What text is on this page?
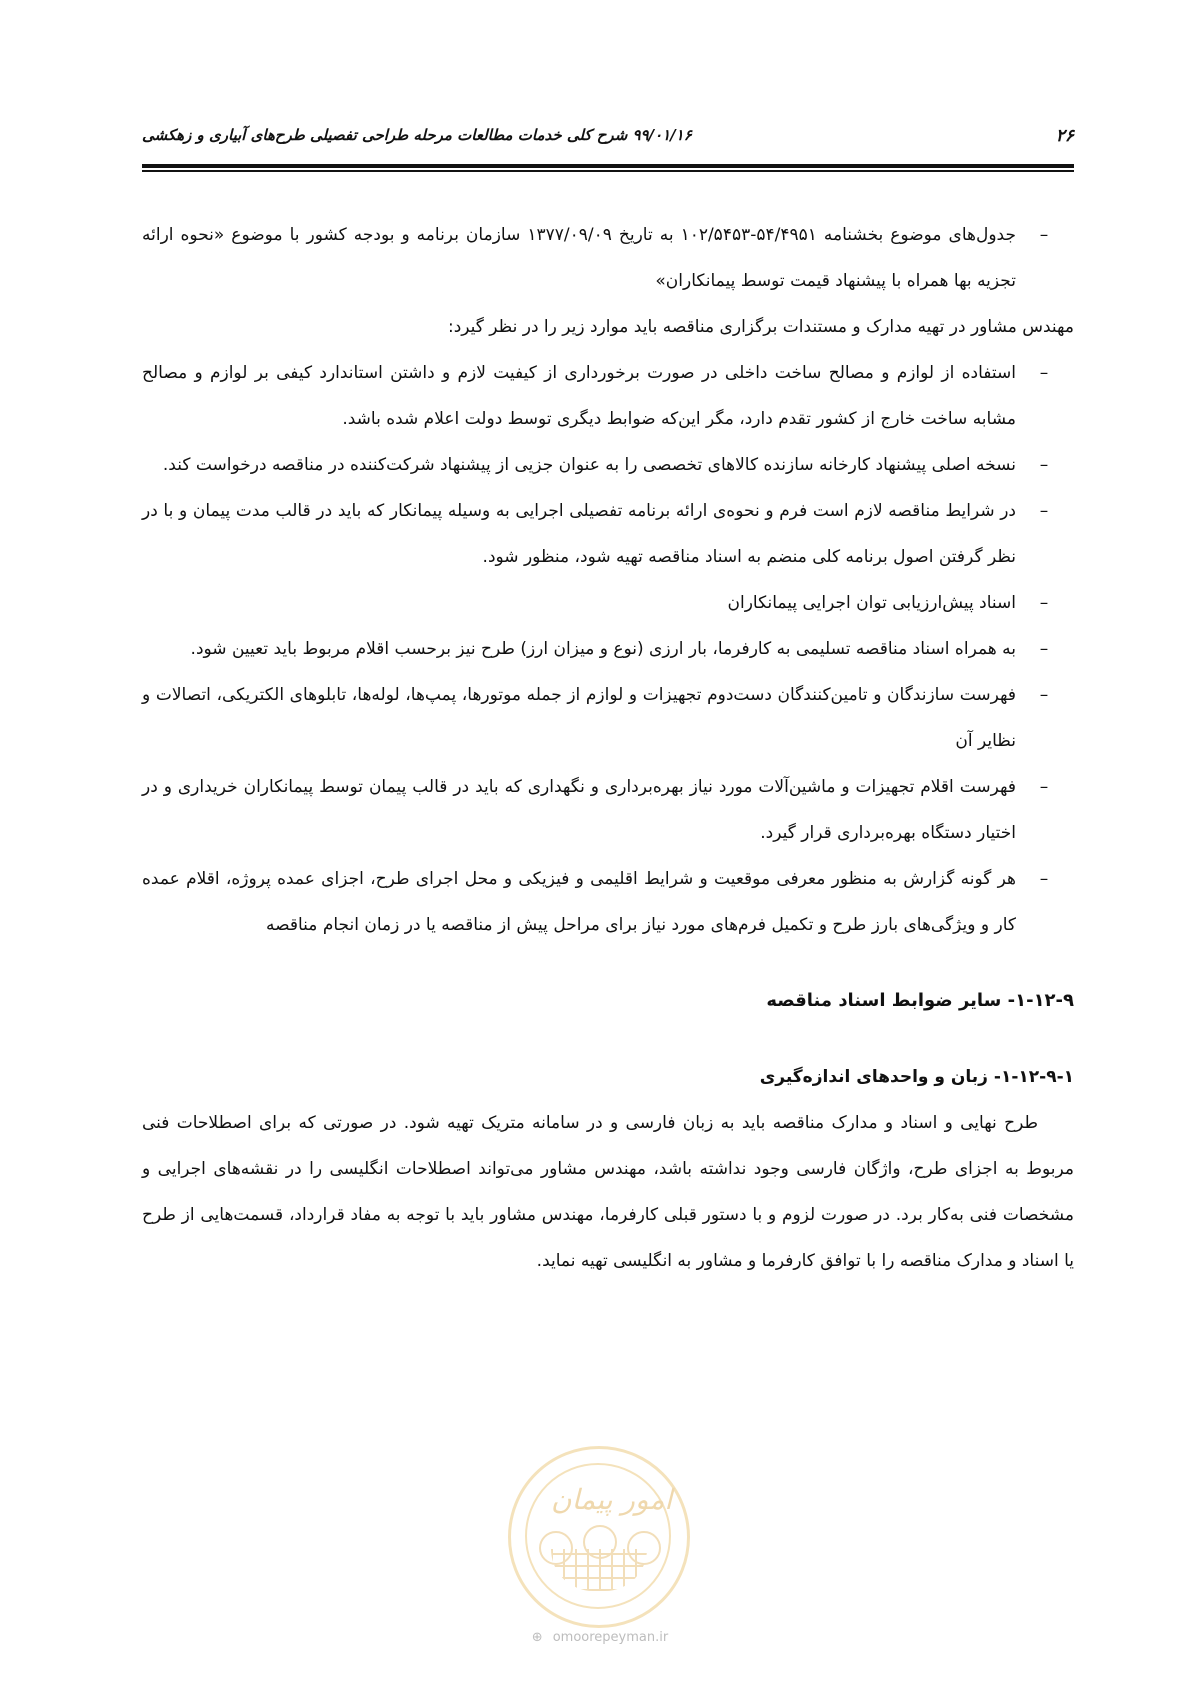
۲۶
۹۹/۰۱/۱۶ شرح کلی خدمات مطالعات مرحله طراحی تفصیلی طرح‌های آبیاری و زهکشی
–
جدول‌های موضوع بخشنامه ۵۴/۴۹۵۱-۱۰۲/۵۴۵۳ به تاریخ ۱۳۷۷/۰۹/۰۹ سازمان برنامه و بودجه کشور با موضوع «نحوه ارائه تجزیه بها همراه با پیشنهاد قیمت توسط پیمانکاران»

مهندس مشاور در تهیه مدارک و مستندات برگزاری مناقصه باید موارد زیر را در نظر گیرد:

–
استفاده از لوازم و مصالح ساخت داخلی در صورت برخورداری از کیفیت لازم و داشتن استاندارد کیفی بر لوازم و مصالح مشابه ساخت خارج از کشور تقدم دارد، مگر این‌که ضوابط دیگری توسط دولت اعلام شده باشد.
–
نسخه اصلی پیشنهاد کارخانه سازنده کالاهای تخصصی را به عنوان جزیی از پیشنهاد شرکت‌کننده در مناقصه درخواست کند.
–
در شرایط مناقصه لازم است فرم و نحوه‌ی ارائه برنامه تفصیلی اجرایی به وسیله پیمانکار که باید در قالب مدت پیمان و با در نظر گرفتن اصول برنامه کلی منضم به اسناد مناقصه تهیه شود، منظور شود.
–
اسناد پیش‌ارزیابی توان اجرایی پیمانکاران
–
به همراه اسناد مناقصه تسلیمی به کارفرما، بار ارزی (نوع و میزان ارز) طرح نیز برحسب اقلام مربوط باید تعیین شود.
–
فهرست سازندگان و تامین‌کنندگان دست‌دوم تجهیزات و لوازم از جمله موتورها، پمپ‌ها، لوله‌ها، تابلوهای الکتریکی، اتصالات و نظایر آن
–
فهرست اقلام تجهیزات و ماشین‌آلات مورد نیاز بهره‌برداری و نگهداری که باید در قالب پیمان توسط پیمانکاران خریداری و در اختیار دستگاه بهره‌برداری قرار گیرد.
–
هر گونه گزارش به منظور معرفی موقعیت و شرایط اقلیمی و فیزیکی و محل اجرای طرح، اجزای عمده پروژه، اقلام عمده کار و ویژگی‌های بارز طرح و تکمیل فرم‌های مورد نیاز برای مراحل پیش از مناقصه یا در زمان انجام مناقصه
۱-۱۲-۹- سایر ضوابط اسناد مناقصه
۱-۱۲-۹-۱- زبان و واحدهای اندازه‌گیری

طرح نهایی و اسناد و مدارک مناقصه باید به زبان فارسی و در سامانه متریک تهیه شود. در صورتی که برای اصطلاحات فنی مربوط به اجزای طرح، واژگان فارسی وجود نداشته باشد، مهندس مشاور می‌تواند اصطلاحات انگلیسی را در نقشه‌های اجرایی و مشخصات فنی به‌کار برد. در صورت لزوم و با دستور قبلی کارفرما، مهندس مشاور باید با توجه به مفاد قرارداد، قسمت‌هایی از طرح یا اسناد و مدارک مناقصه را با توافق کارفرما و مشاور به انگلیسی تهیه نماید.

امور پیمان
⊕ omoorepeyman.ir
